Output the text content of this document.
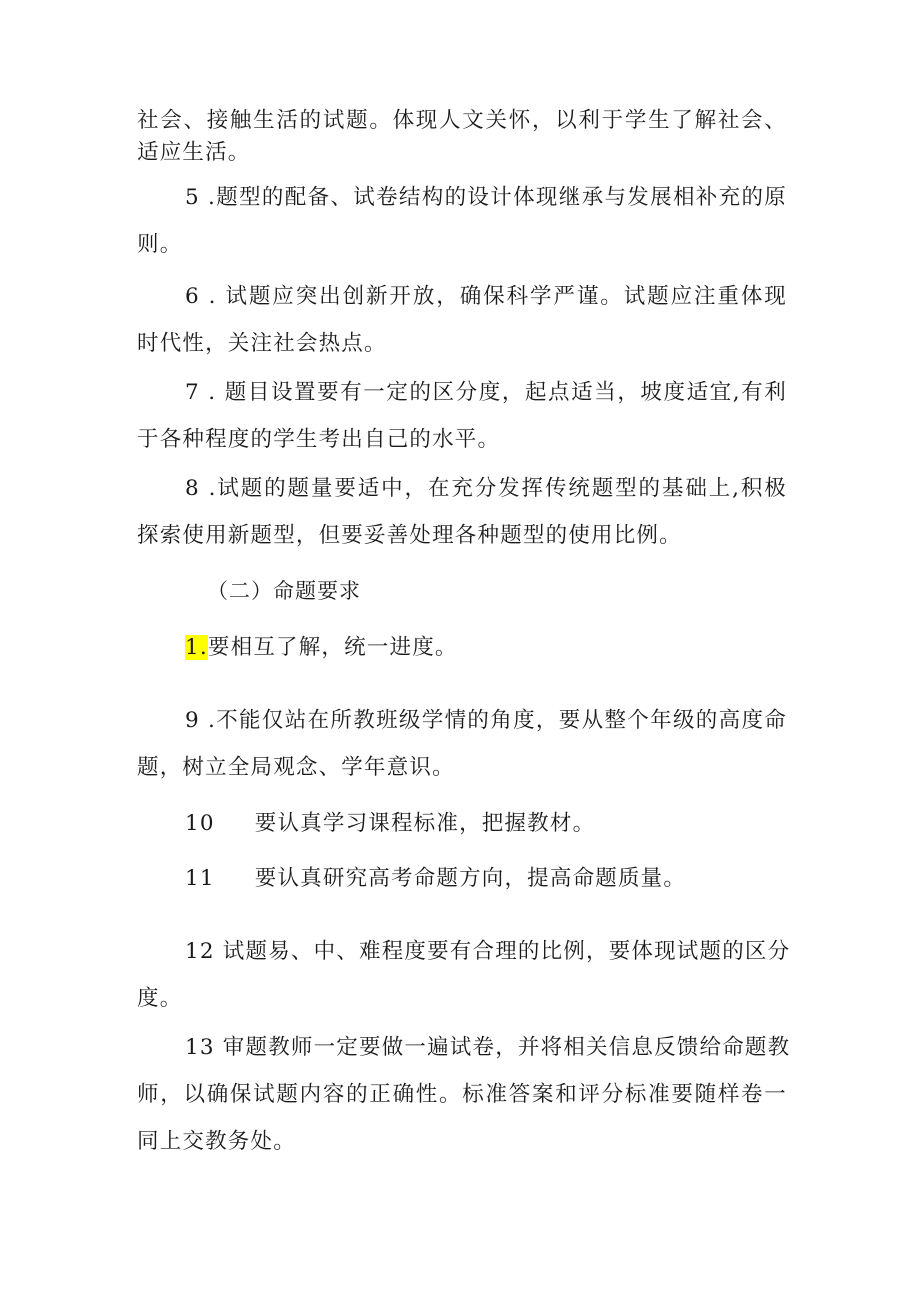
社会、接触生活的试题。体现人文关怀，以利于学生了解社会、
适应生活。
5 .题型的配备、试卷结构的设计体现继承与发展相补充的原
则。
6 . 试题应突出创新开放，确保科学严谨。试题应注重体现
时代性，关注社会热点。
7 . 题目设置要有一定的区分度，起点适当，坡度适宜,有利
于各种程度的学生考出自己的水平。
8 .试题的题量要适中，在充分发挥传统题型的基础上,积极
探索使用新题型，但要妥善处理各种题型的使用比例。
（二）命题要求
1.要相互了解，统一进度。
9 .不能仅站在所教班级学情的角度，要从整个年级的高度命
题，树立全局观念、学年意识。
10 要认真学习课程标准，把握教材。
11 要认真研究高考命题方向，提高命题质量。
12 试题易、中、难程度要有合理的比例，要体现试题的区分
度。
13 审题教师一定要做一遍试卷，并将相关信息反馈给命题教
师，以确保试题内容的正确性。标准答案和评分标准要随样卷一
同上交教务处。
